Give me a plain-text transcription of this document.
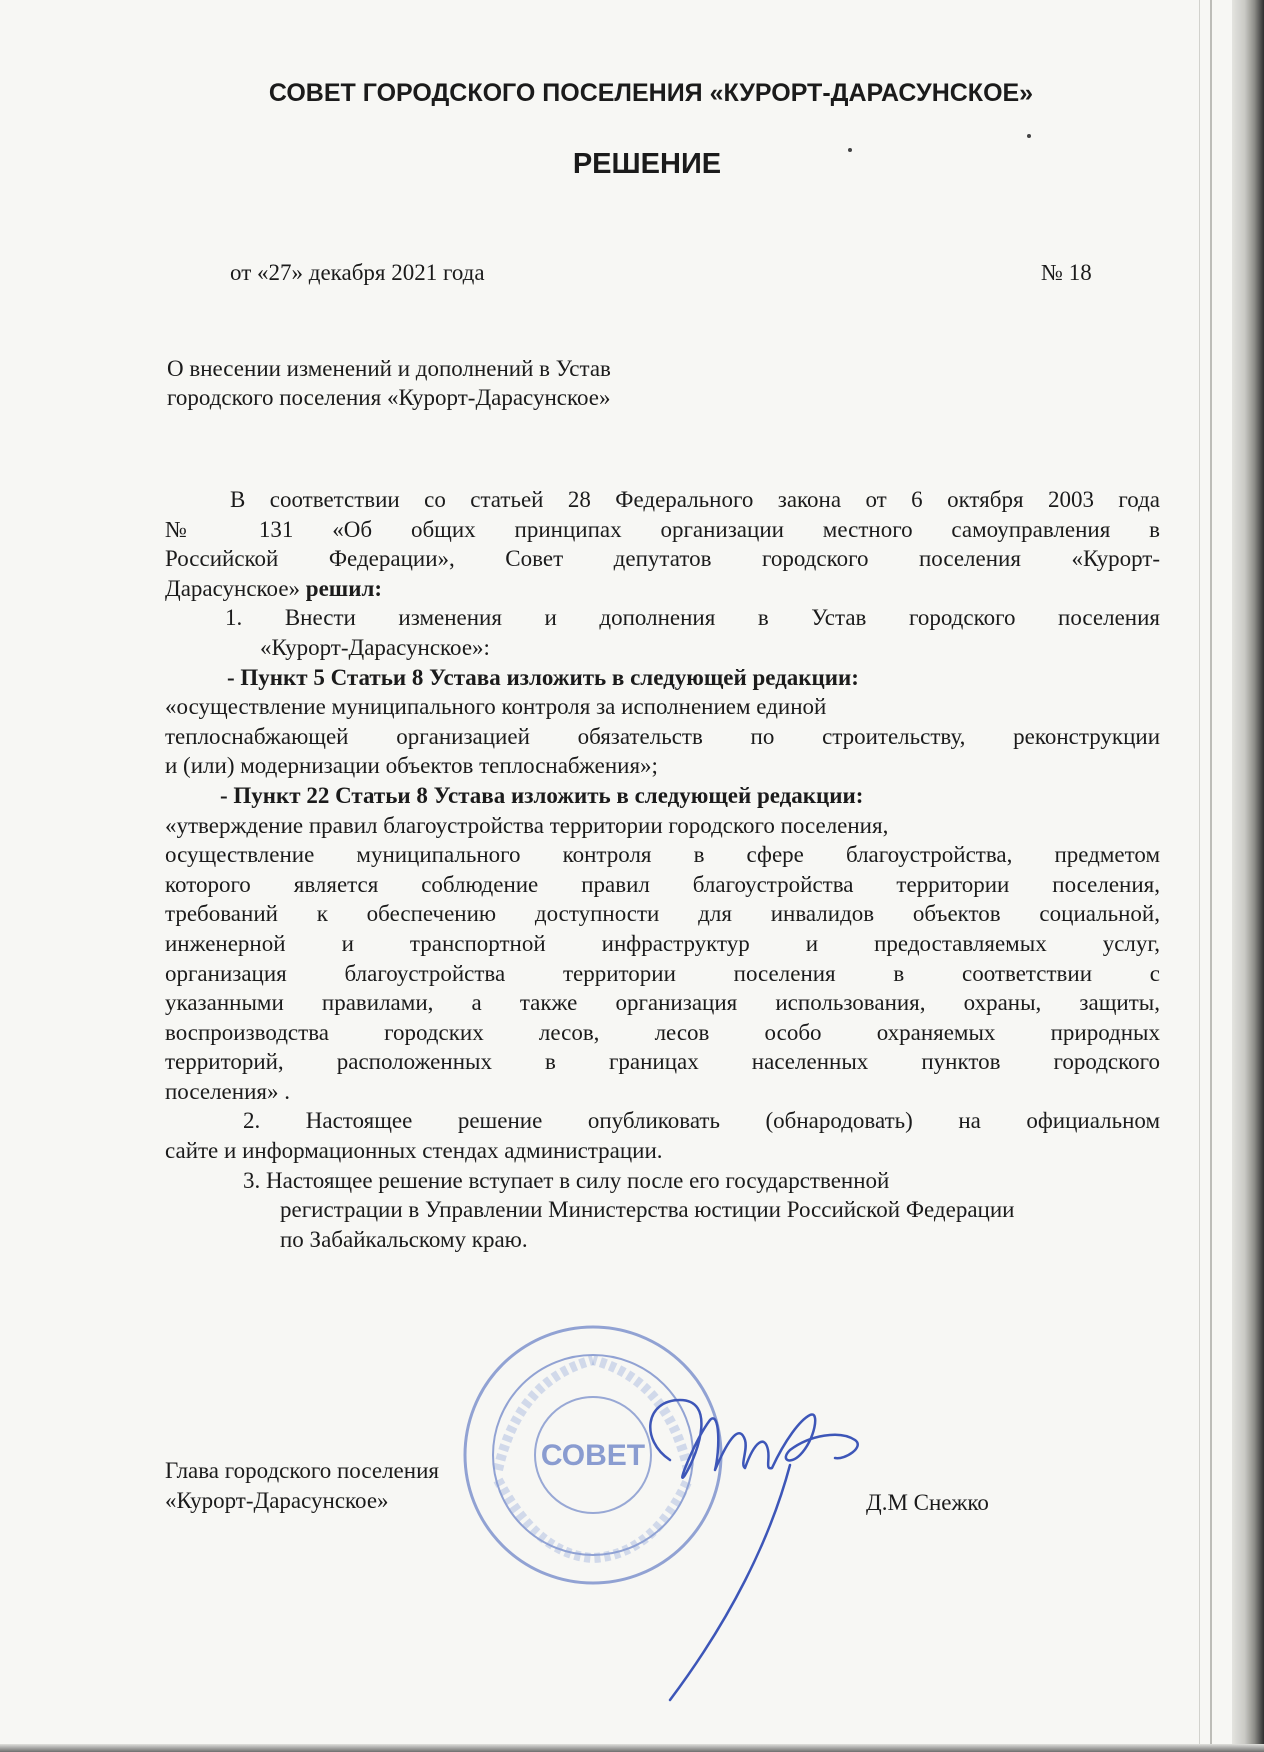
СОВЕТ ГОРОДСКОГО ПОСЕЛЕНИЯ «КУРОРТ-ДАРАСУНСКОЕ»
РЕШЕНИЕ
от «27» декабря 2021 года	№ 18
О внесении изменений и дополнений в Устав
городского поселения «Курорт-Дарасунское»

В соответствии со статьей 28 Федерального закона от 6 октября 2003 года

№ 131 «Об общих принципах организации местного самоуправления в

Российской Федерации», Совет депутатов городского поселения «Курорт-

Дарасунское» решил:

1. Внести изменения и дополнения в Устав городского поселения

«Курорт-Дарасунское»:

- Пункт 5 Статьи 8 Устава изложить в следующей редакции:

«осуществление муниципального контроля за исполнением единой

теплоснабжающей организацией обязательств по строительству, реконструкции

и (или) модернизации объектов теплоснабжения»;

- Пункт 22 Статьи 8 Устава изложить в следующей редакции:

«утверждение правил благоустройства территории городского поселения,

осуществление муниципального контроля в сфере благоустройства, предметом

которого является соблюдение правил благоустройства территории поселения,

требований к обеспечению доступности для инвалидов объектов социальной,

инженерной и транспортной инфраструктур и предоставляемых услуг,

организация благоустройства территории поселения в соответствии с

указанными правилами, а также организация использования, охраны, защиты,

воспроизводства городских лесов, лесов особо охраняемых природных

территорий, расположенных в границах населенных пунктов городского

поселения» .

2. Настоящее решение опубликовать (обнародовать) на официальном

сайте и информационных стендах администрации.

3. Настоящее решение вступает в силу после его государственной

регистрации в Управлении Министерства юстиции Российской Федерации

по Забайкальскому краю.

СОВЕТ
Глава городского поселения
«Курорт-Дарасунское»	Д.М Снежко
